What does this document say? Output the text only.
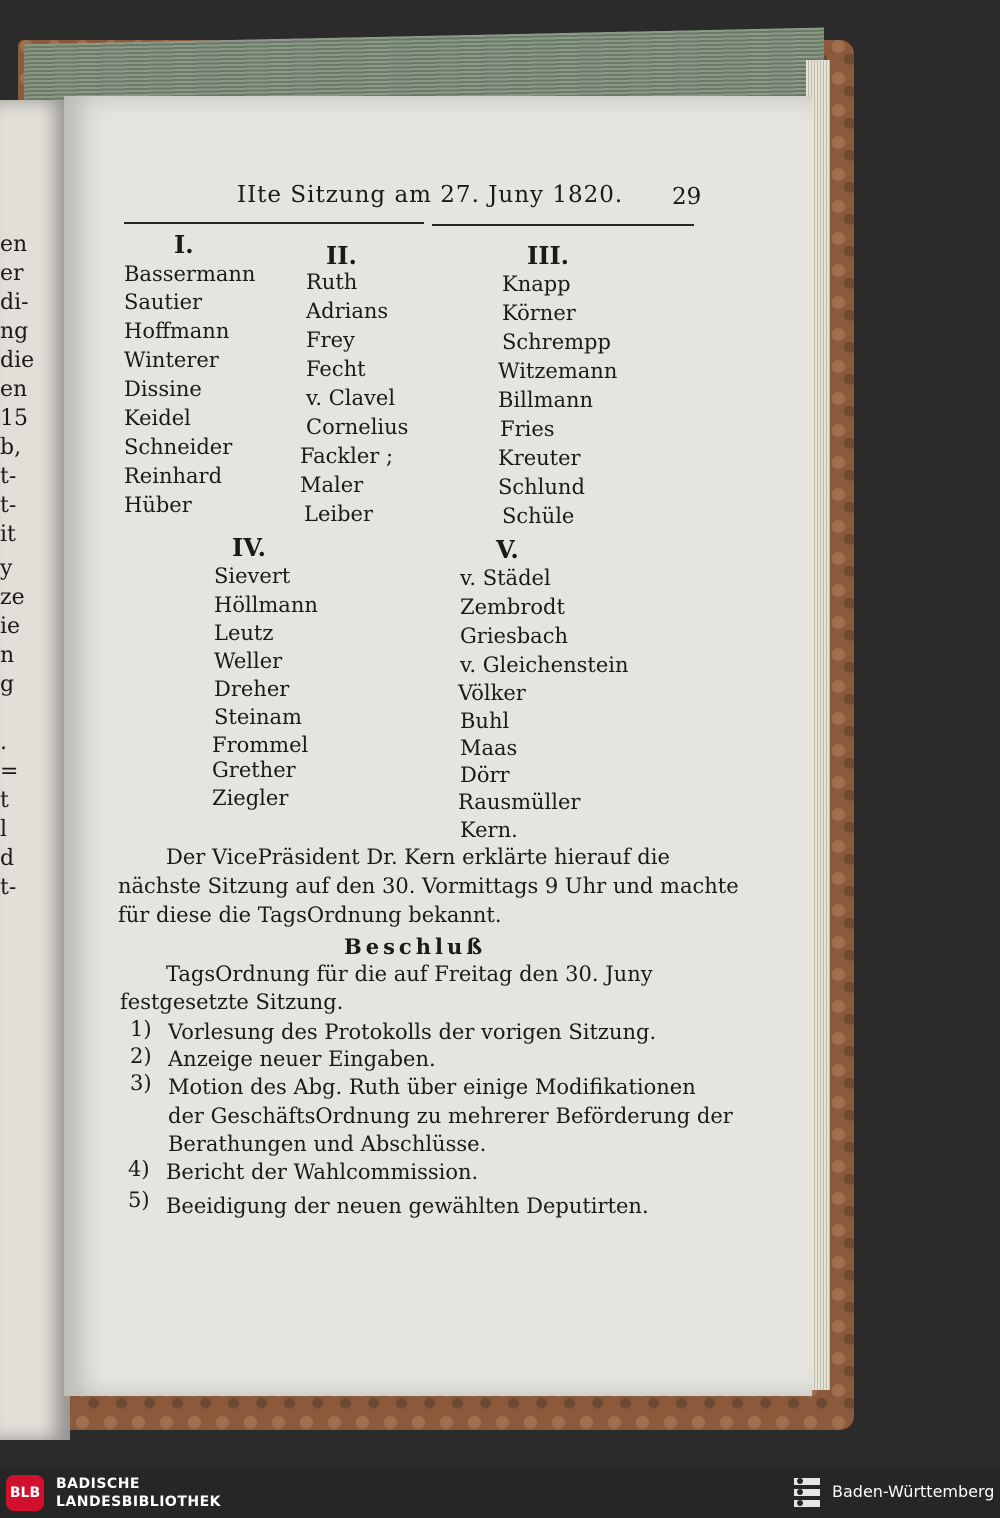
en
er
di-
ng
die
en
15
b,
t-
t-
it
y
ze
ie
n
g
.
=
t
l
d
t-
IIte Sitzung am 27. Juny 1820. 29
I.
Bassermann
Sautier
Hoffmann
Winterer
Dissine
Keidel
Schneider
Reinhard
Hüber
II.
Ruth
Adrians
Frey
Fecht
v. Clavel
Cornelius
Fackler ;
Maler
Leiber
III.
Knapp
Körner
Schrempp
Witzemann
Billmann
Fries
Kreuter
Schlund
Schüle
IV.
Sievert
Höllmann
Leutz
Weller
Dreher
Steinam
Frommel
Grether
Ziegler
V.
v. Städel
Zembrodt
Griesbach
v. Gleichenstein
Völker
Buhl
Maas
Dörr
Rausmüller
Kern.
Der VicePräsident Dr. Kern erklärte hierauf die
nächste Sitzung auf den 30. Vormittags 9 Uhr und machte
für diese die TagsOrdnung bekannt.
Beschluß
TagsOrdnung für die auf Freitag den 30. Juny
festgesetzte Sitzung.
1) Vorlesung des Protokolls der vorigen Sitzung.
2) Anzeige neuer Eingaben.
3) Motion des Abg. Ruth über einige Modifikationen
der GeschäftsOrdnung zu mehrerer Beförderung der
Berathungen und Abschlüsse.
4) Bericht der Wahlcommission.
5) Beeidigung der neuen gewählten Deputirten.
BLB
BADISCHE
LANDESBIBLIOTHEK
Baden-Württemberg
